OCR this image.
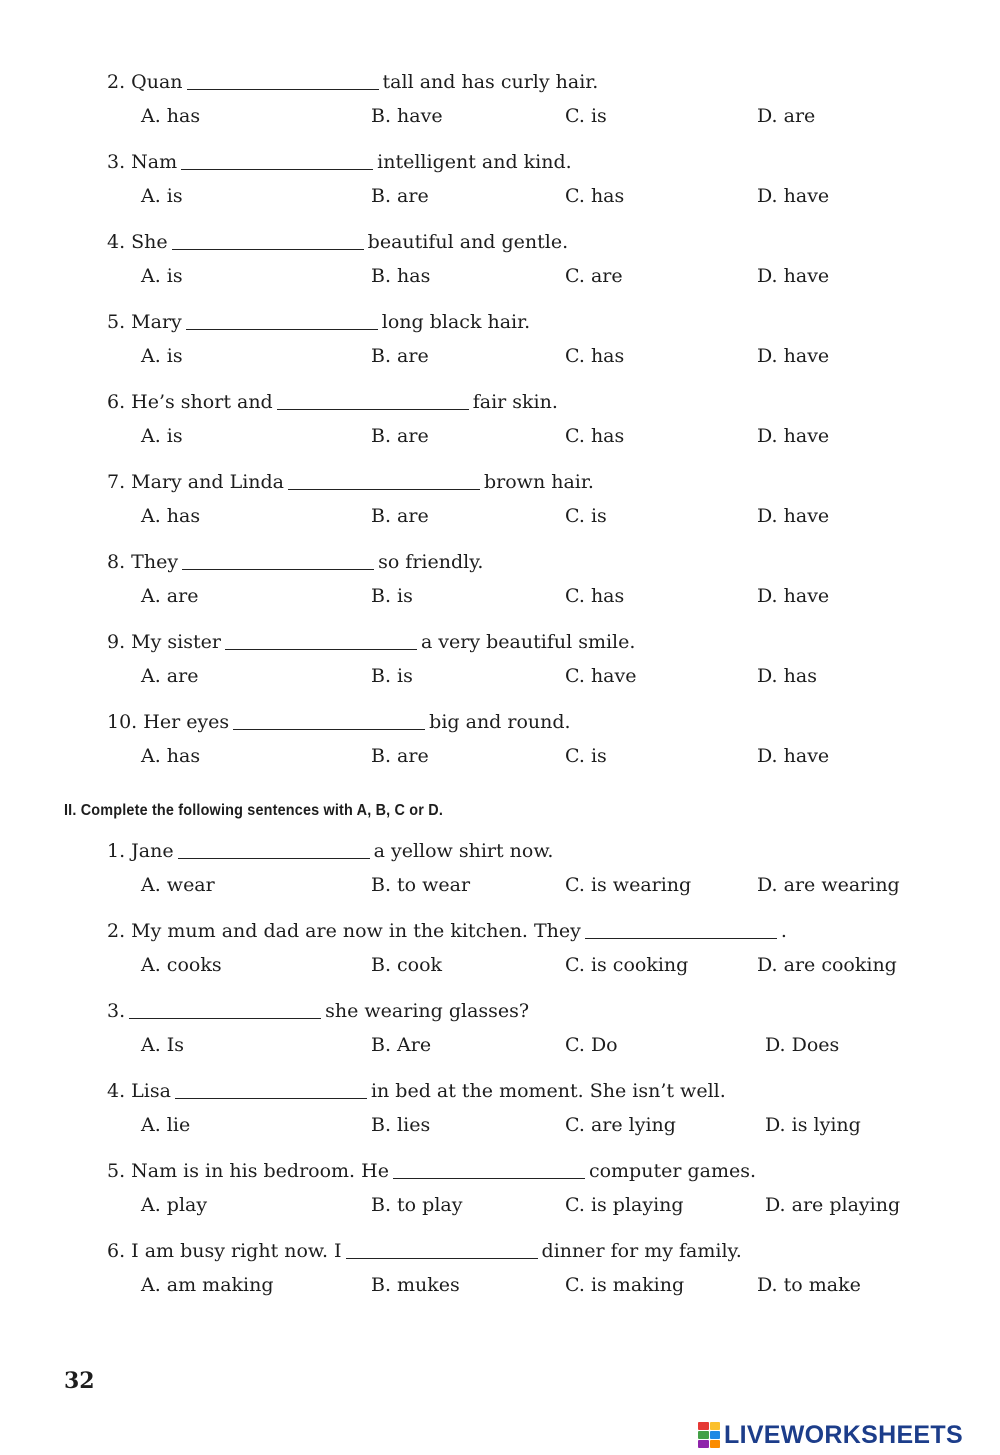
2. Quan	tall and has curly hair.
A. has	B. have	C. is	D. are
3. Nam	intelligent and kind.
A. is	B. are	C. has	D. have
4. She	beautiful and gentle.
A. is	B. has	C. are	D. have
5. Mary	long black hair.
A. is	B. are	C. has	D. have
6. He’s short and	fair skin.
A. is	B. are	C. has	D. have
7. Mary and Linda	brown hair.
A. has	B. are	C. is	D. have
8. They	so friendly.
A. are	B. is	C. has	D. have
9. My sister	a very beautiful smile.
A. are	B. is	C. have	D. has
10. Her eyes	big and round.
A. has	B. are	C. is	D. have
II. Complete the following sentences with A, B, C or D.
1. Jane	a yellow shirt now.
A. wear	B. to wear	C. is wearing	D. are wearing
2. My mum and dad are now in the kitchen. They	.
A. cooks	B. cook	C. is cooking	D. are cooking
3.	she wearing glasses?
A. Is	B. Are	C. Do	D. Does
4. Lisa	in bed at the moment. She isn’t well.
A. lie	B. lies	C. are lying	D. is lying
5. Nam is in his bedroom. He	computer games.
A. play	B. to play	C. is playing	D. are playing
6. I am busy right now. I	dinner for my family.
A. am making	B. mukes	C. is making	D. to make
32
LIVEWORKSHEETS
